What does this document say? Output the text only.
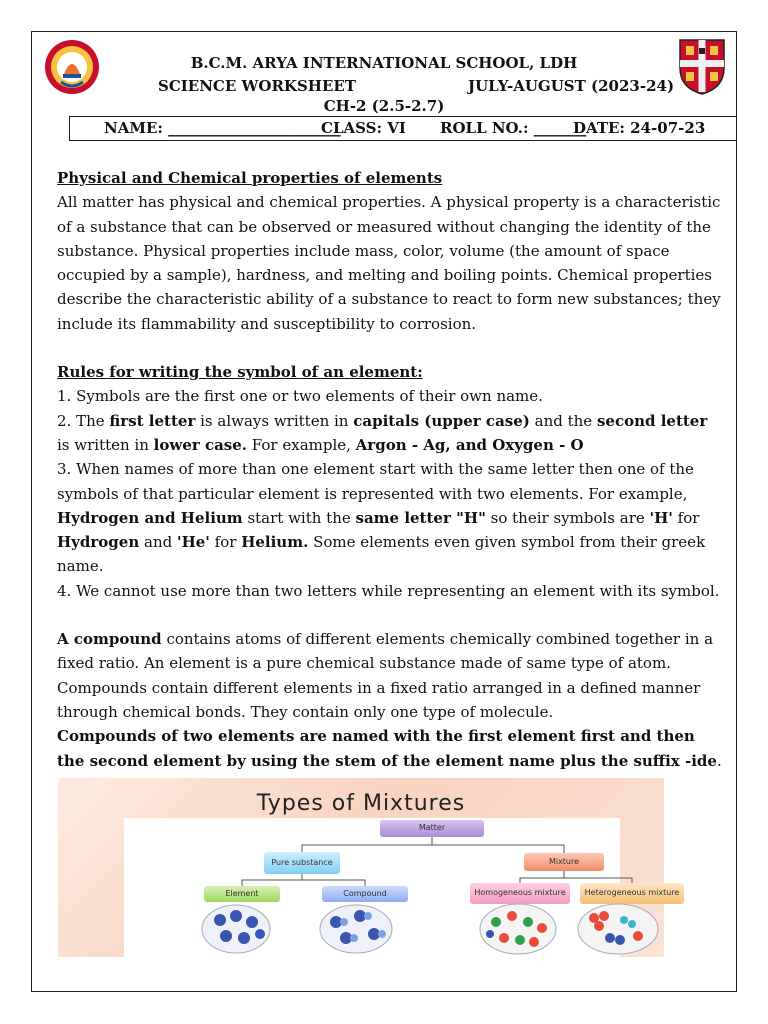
B.C.M. ARYA INTERNATIONAL SCHOOL, LDH
SCIENCE WORKSHEET	JULY-AUGUST (2023-24)
CH-2 (2.5-2.7)
NAME: _______________________
CLASS: VI ROLL NO.: _______
DATE: 24-07-23

Physical and Chemical properties of elements

All matter has physical and chemical properties. A physical property is a characteristic of a substance that can be observed or measured without changing the identity of the substance. Physical properties include mass, color, volume (the amount of space occupied by a sample), hardness, and melting and boiling points. Chemical properties describe the characteristic ability of a substance to react to form new substances; they include its flammability and susceptibility to corrosion.

Rules for writing the symbol of an element:

1. Symbols are the first one or two elements of their own name.

2. The first letter is always written in capitals (upper case) and the second letter is written in lower case. For example, Argon - Ag, and Oxygen - O

3. When names of more than one element start with the same letter then one of the symbols of that particular element is represented with two elements. For example, Hydrogen and Helium start with the same letter "H" so their symbols are 'H' for Hydrogen and 'He' for Helium. Some elements even given symbol from their greek name.

4. We cannot use more than two letters while representing an element with its symbol.

A compound contains atoms of different elements chemically combined together in a fixed ratio. An element is a pure chemical substance made of same type of atom. Compounds contain different elements in a fixed ratio arranged in a defined manner through chemical bonds. They contain only one type of molecule.

Compounds of two elements are named with the first element first and then the second element by using the stem of the element name plus the suffix -ide.

Types of Mixtures
Matter
Pure substance	Mixture
Element	Compound	Homogeneous mixture	Heterogeneous mixture
